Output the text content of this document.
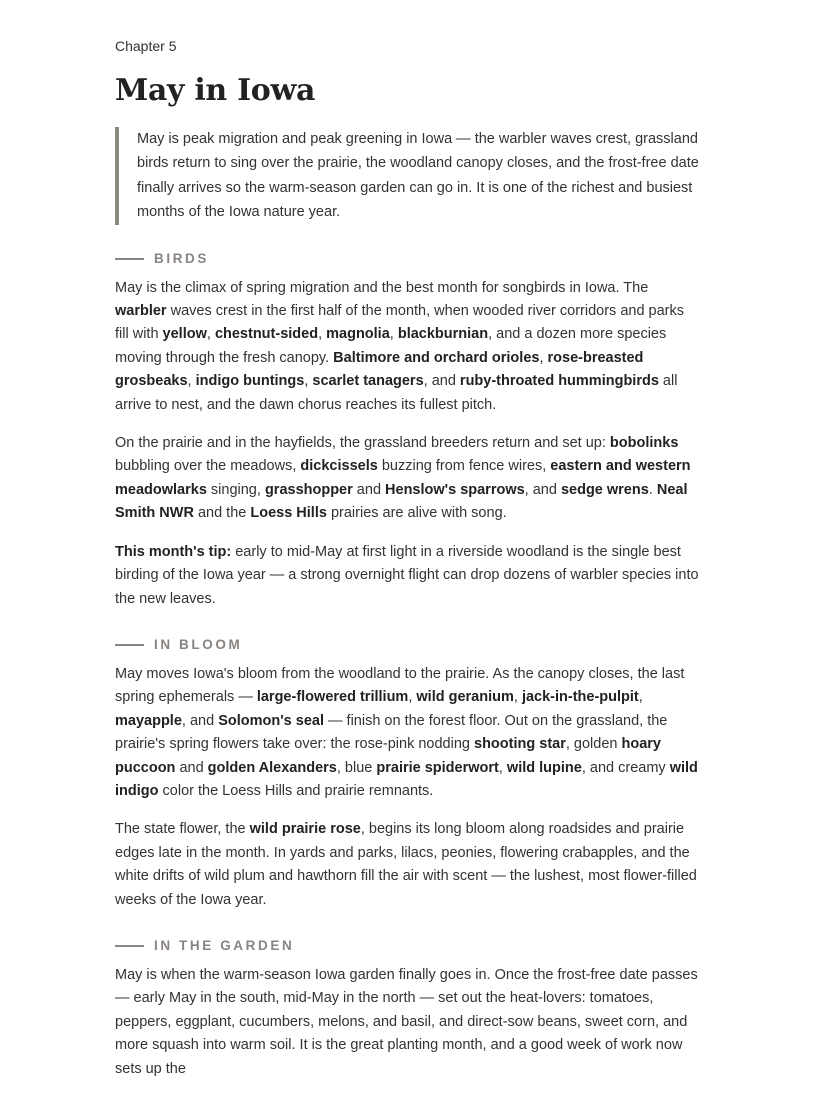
Chapter 5

May in Iowa
May is peak migration and peak greening in Iowa — the warbler waves crest, grassland birds return to sing over the prairie, the woodland canopy closes, and the frost-free date finally arrives so the warm-season garden can go in. It is one of the richest and busiest months of the Iowa nature year.
BIRDS

May is the climax of spring migration and the best month for songbirds in Iowa. The warbler waves crest in the first half of the month, when wooded river corridors and parks fill with yellow, chestnut-sided, magnolia, blackburnian, and a dozen more species moving through the fresh canopy. Baltimore and orchard orioles, rose-breasted grosbeaks, indigo buntings, scarlet tanagers, and ruby-throated hummingbirds all arrive to nest, and the dawn chorus reaches its fullest pitch.

On the prairie and in the hayfields, the grassland breeders return and set up: bobolinks bubbling over the meadows, dickcissels buzzing from fence wires, eastern and western meadowlarks singing, grasshopper and Henslow's sparrows, and sedge wrens. Neal Smith NWR and the Loess Hills prairies are alive with song.

This month's tip: early to mid-May at first light in a riverside woodland is the single best birding of the Iowa year — a strong overnight flight can drop dozens of warbler species into the new leaves.

IN BLOOM

May moves Iowa's bloom from the woodland to the prairie. As the canopy closes, the last spring ephemerals — large-flowered trillium, wild geranium, jack-in-the-pulpit, mayapple, and Solomon's seal — finish on the forest floor. Out on the grassland, the prairie's spring flowers take over: the rose-pink nodding shooting star, golden hoary puccoon and golden Alexanders, blue prairie spiderwort, wild lupine, and creamy wild indigo color the Loess Hills and prairie remnants.

The state flower, the wild prairie rose, begins its long bloom along roadsides and prairie edges late in the month. In yards and parks, lilacs, peonies, flowering crabapples, and the white drifts of wild plum and hawthorn fill the air with scent — the lushest, most flower-filled weeks of the Iowa year.

IN THE GARDEN

May is when the warm-season Iowa garden finally goes in. Once the frost-free date passes — early May in the south, mid-May in the north — set out the heat-lovers: tomatoes, peppers, eggplant, cucumbers, melons, and basil, and direct-sow beans, sweet corn, and more squash into warm soil. It is the great planting month, and a good week of work now sets up the
